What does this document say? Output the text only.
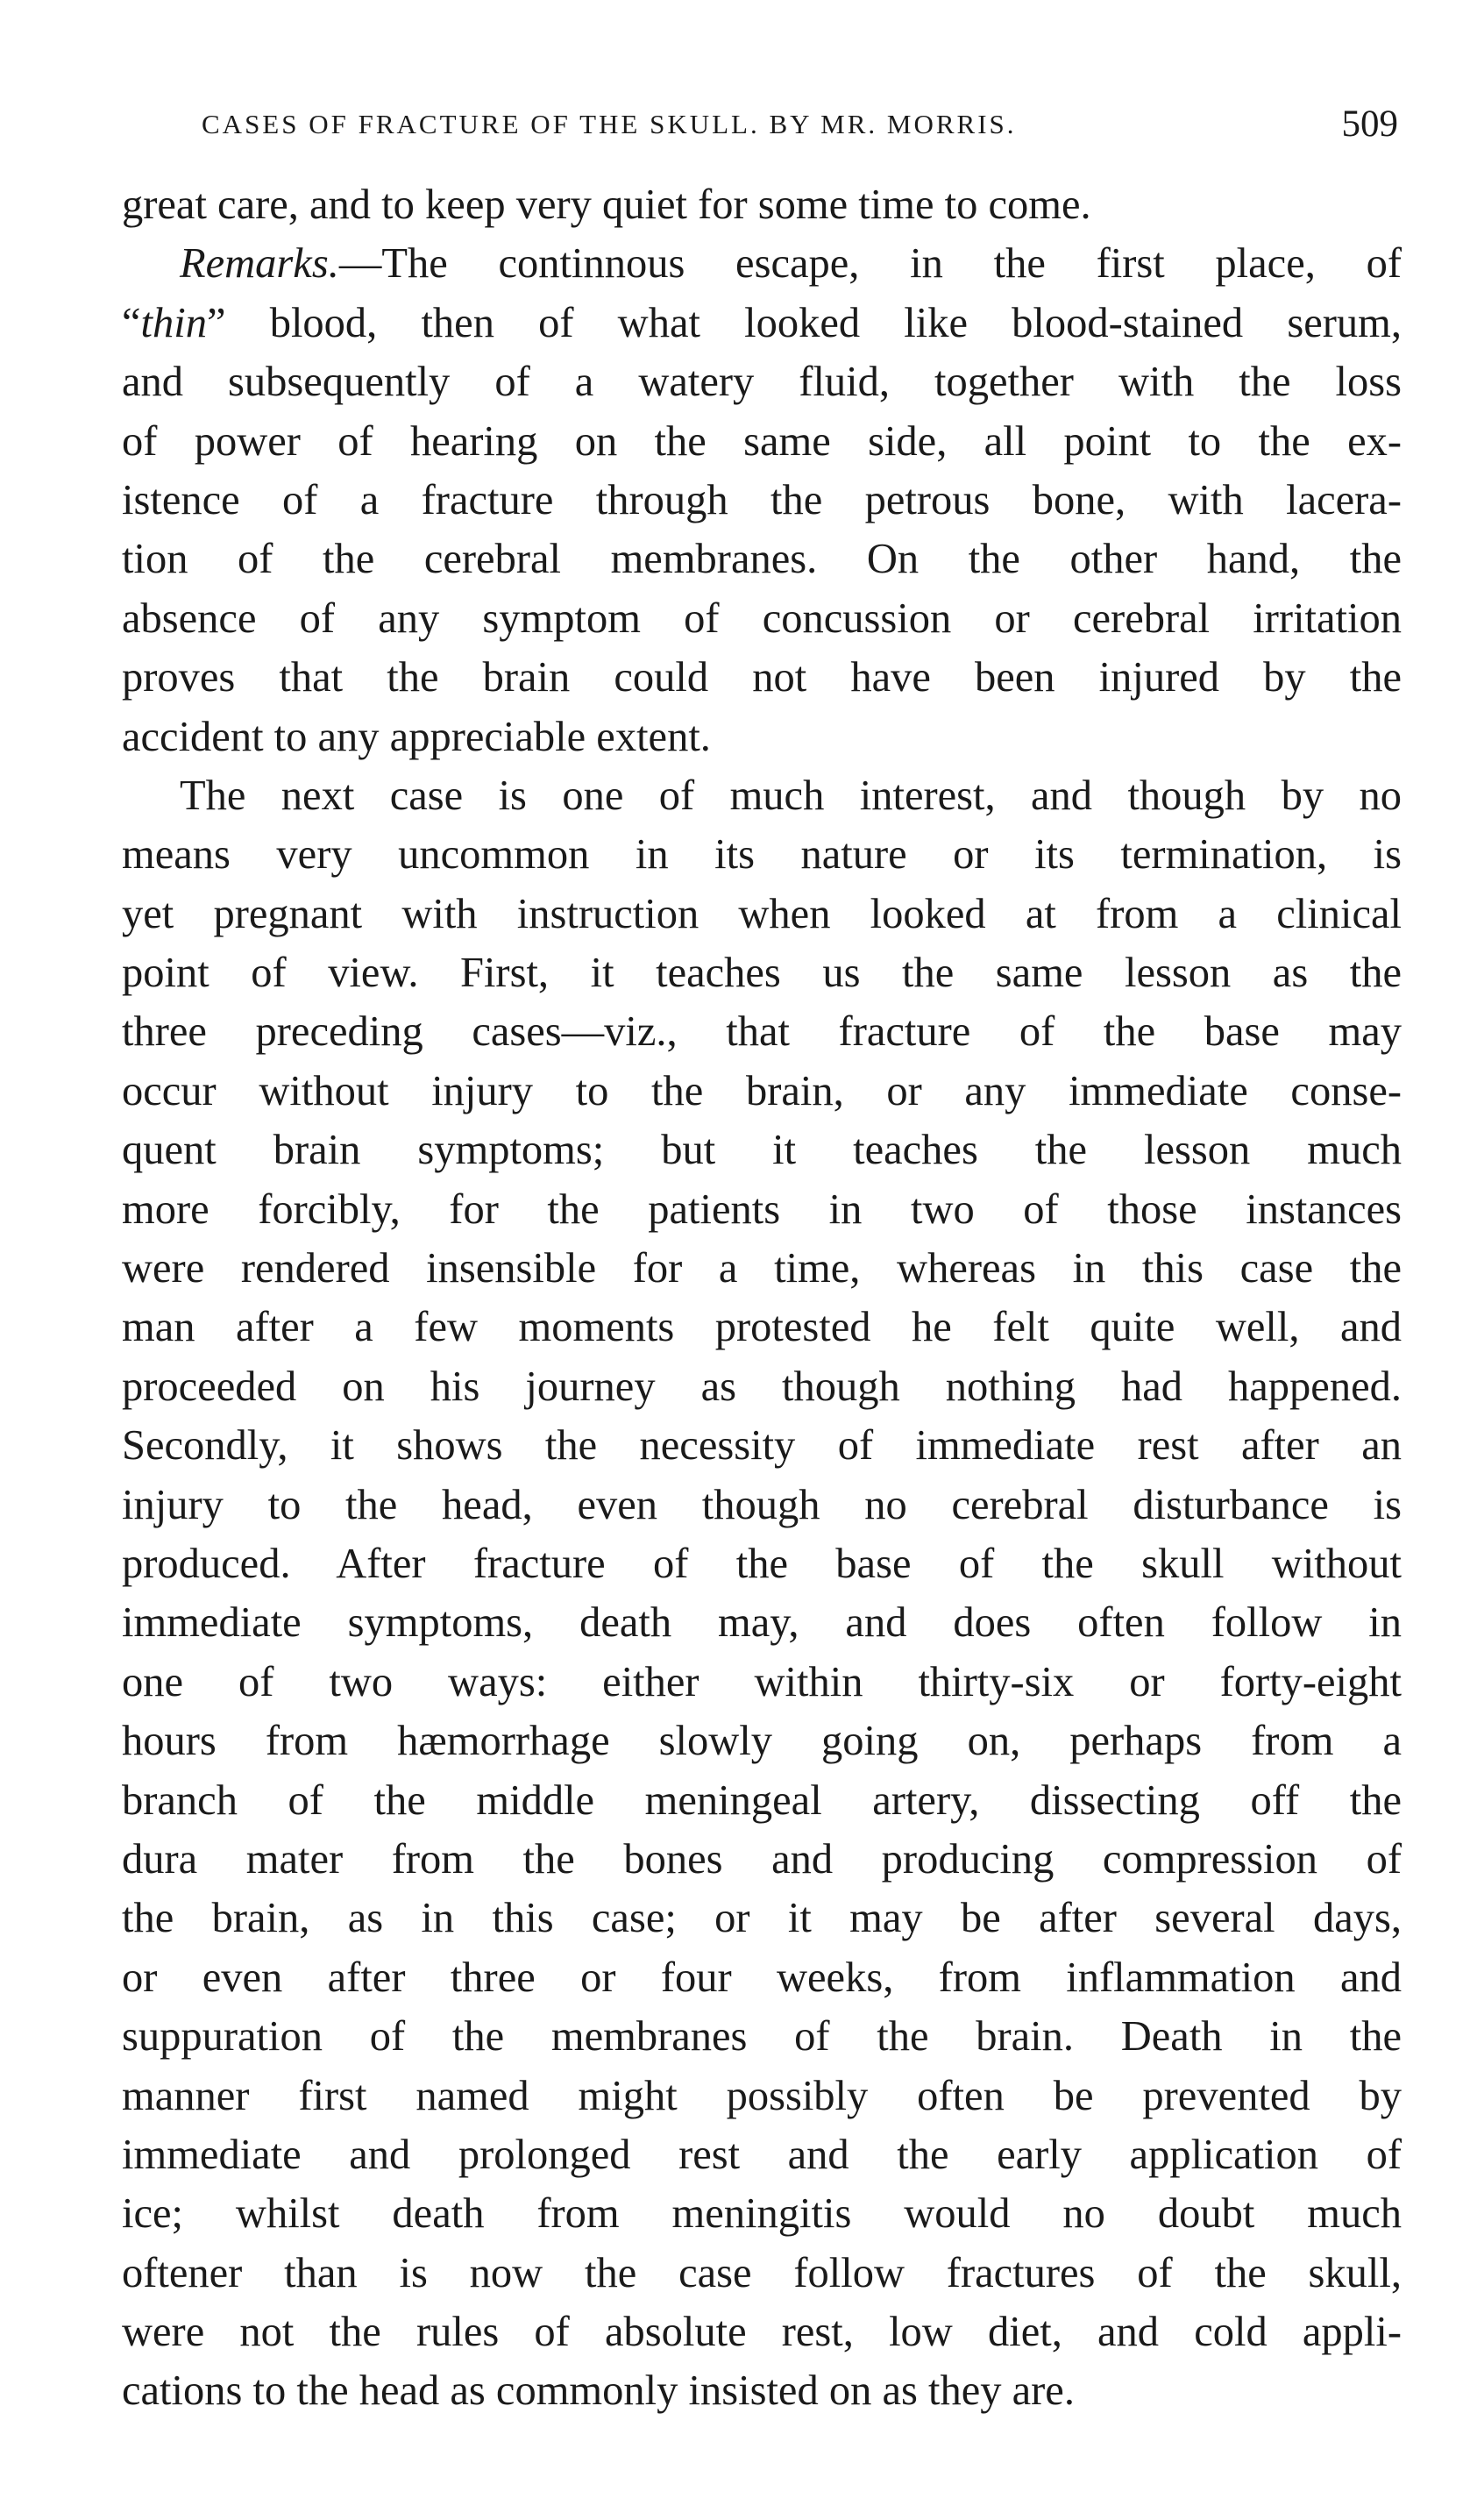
CASES OF FRACTURE OF THE SKULL. BY MR. MORRIS.	509
great care, and to keep very quiet for some time to come.
Remarks.—The continnous escape, in the first place, of
“thin” blood, then of what looked like blood-stained serum,
and subsequently of a watery fluid, together with the loss
of power of hearing on the same side, all point to the ex-
istence of a fracture through the petrous bone, with lacera-
tion of the cerebral membranes. On the other hand, the
absence of any symptom of concussion or cerebral irritation
proves that the brain could not have been injured by the
accident to any appreciable extent.
The next case is one of much interest, and though by no
means very uncommon in its nature or its termination, is
yet pregnant with instruction when looked at from a clinical
point of view. First, it teaches us the same lesson as the
three preceding cases—viz., that fracture of the base may
occur without injury to the brain, or any immediate conse-
quent brain symptoms; but it teaches the lesson much
more forcibly, for the patients in two of those instances
were rendered insensible for a time, whereas in this case the
man after a few moments protested he felt quite well, and
proceeded on his journey as though nothing had happened.
Secondly, it shows the necessity of immediate rest after an
injury to the head, even though no cerebral disturbance is
produced. After fracture of the base of the skull without
immediate symptoms, death may, and does often follow in
one of two ways: either within thirty-six or forty-eight
hours from hæmorrhage slowly going on, perhaps from a
branch of the middle meningeal artery, dissecting off the
dura mater from the bones and producing compression of
the brain, as in this case; or it may be after several days,
or even after three or four weeks, from inflammation and
suppuration of the membranes of the brain. Death in the
manner first named might possibly often be prevented by
immediate and prolonged rest and the early application of
ice; whilst death from meningitis would no doubt much
oftener than is now the case follow fractures of the skull,
were not the rules of absolute rest, low diet, and cold appli-
cations to the head as commonly insisted on as they are.
